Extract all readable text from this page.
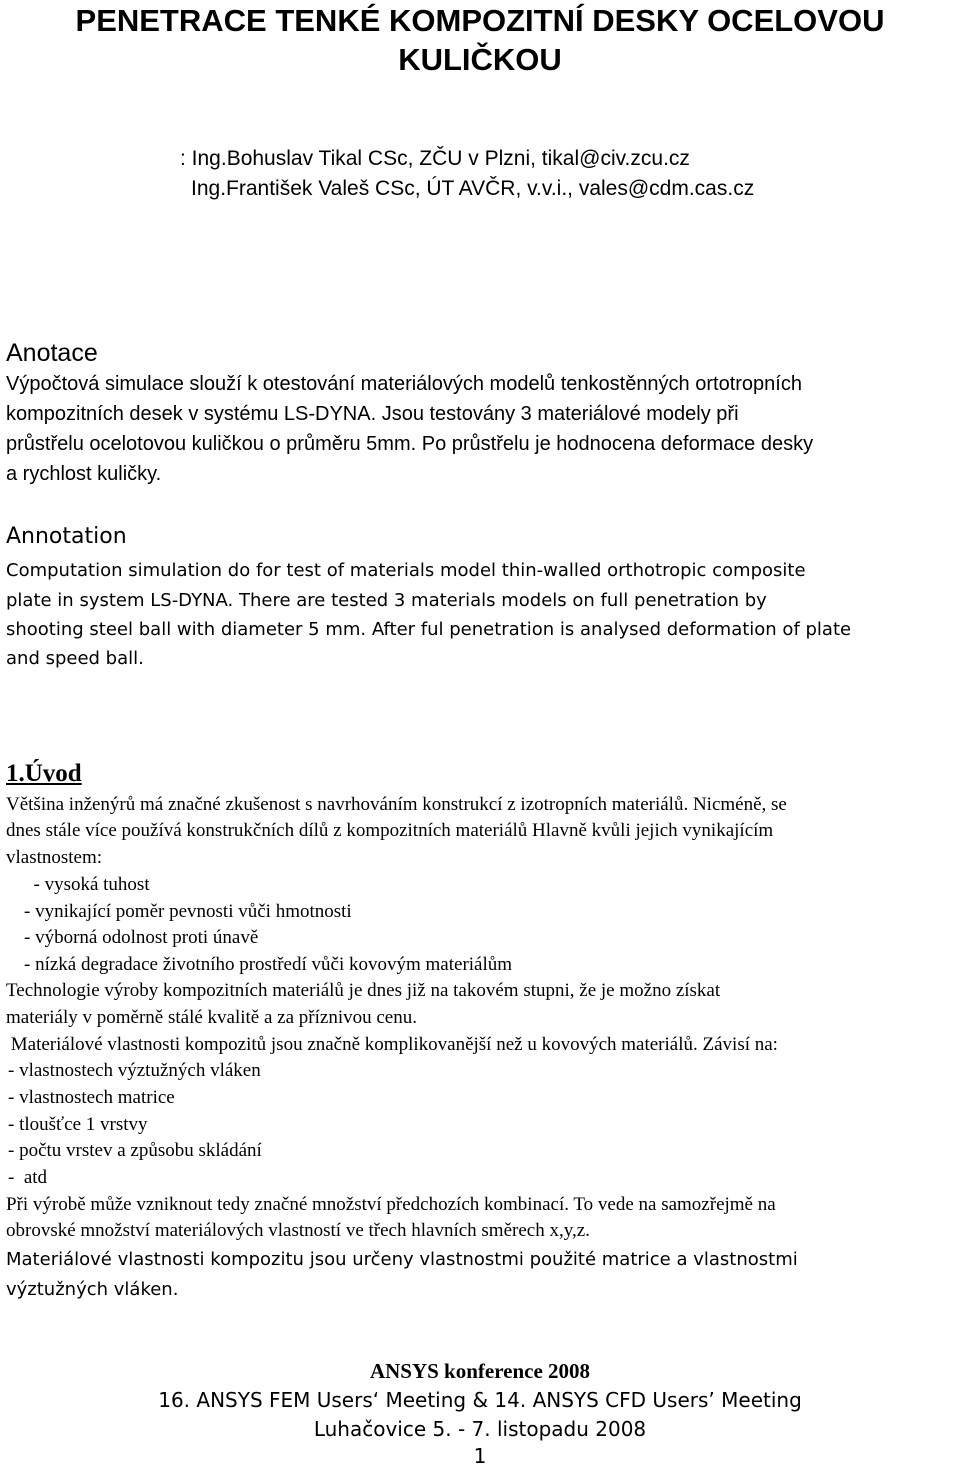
PENETRACE TENKÉ KOMPOZITNÍ DESKY OCELOVOU
KULIČKOU
: Ing.Bohuslav Tikal CSc, ZČU v Plzni, tikal@civ.zcu.cz
Ing.František Valeš CSc, ÚT AVČR, v.v.i., vales@cdm.cas.cz
Anotace
Výpočtová simulace slouží k otestování materiálových modelů tenkostěnných ortotropních
kompozitních desek v systému LS-DYNA. Jsou testovány 3 materiálové modely při
průstřelu ocelotovou kuličkou o průměru 5mm. Po průstřelu je hodnocena deformace desky
a rychlost kuličky.
Annotation
Computation simulation do for test of materials model thin-walled orthotropic composite
plate in system LS-DYNA. There are tested 3 materials models on full penetration by
shooting steel ball with diameter 5 mm. After ful penetration is analysed deformation of plate
and speed ball.
1.Úvod
Většina inženýrů má značné zkušenost s navrhováním konstrukcí z izotropních materiálů. Nicméně, se
dnes stále více používá konstrukčních dílů z kompozitních materiálů Hlavně kvůli jejich vynikajícím
vlastnostem:
- vysoká tuhost
- vynikající poměr pevnosti vůči hmotnosti
- výborná odolnost proti únavě
- nízká degradace životního prostředí vůči kovovým materiálům
Technologie výroby kompozitních materiálů je dnes již na takovém stupni, že je možno získat
materiály v poměrně stálé kvalitě a za příznivou cenu.
Materiálové vlastnosti kompozitů jsou značně komplikovanější než u kovových materiálů. Závisí na:
- vlastnostech výztužných vláken
- vlastnostech matrice
- tloušťce 1 vrstvy
- počtu vrstev a způsobu skládání
-  atd
Při výrobě může vzniknout tedy značné množství předchozích kombinací. To vede na samozřejmě na
obrovské množství materiálových vlastností ve třech hlavních směrech x,y,z.
Materiálové vlastnosti kompozitu jsou určeny vlastnostmi použité matrice a vlastnostmi
výztužných vláken.
ANSYS konference 2008
16. ANSYS FEM Users‘ Meeting & 14. ANSYS CFD Users’ Meeting
Luhačovice 5. - 7. listopadu 2008
1
